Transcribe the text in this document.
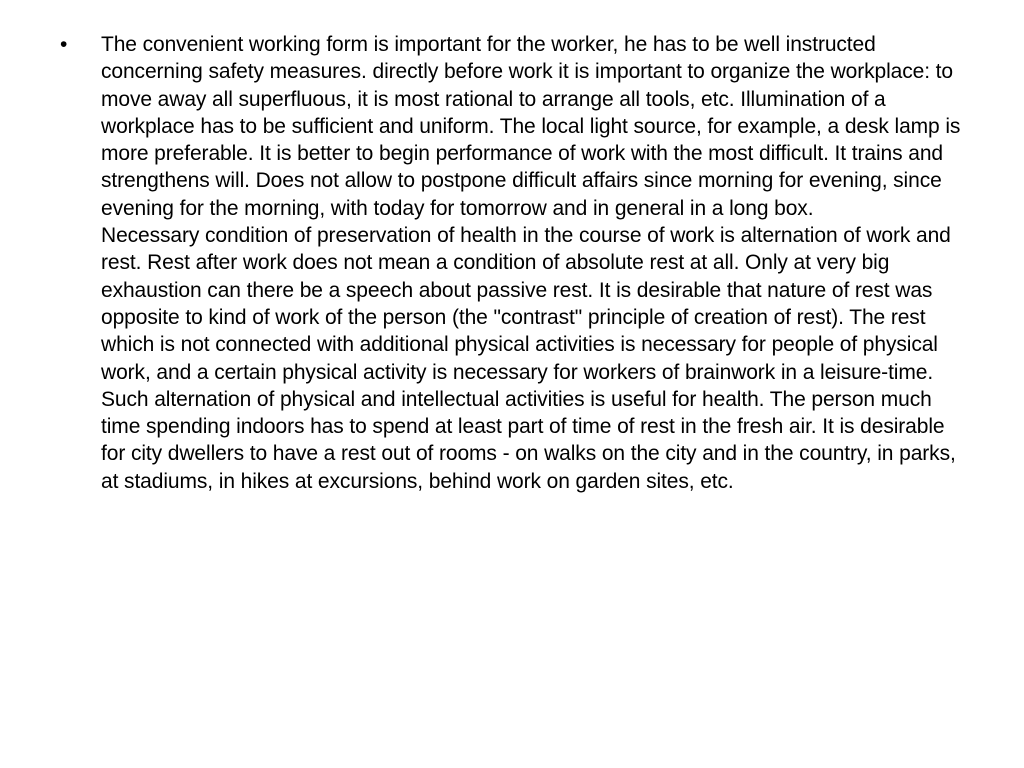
•	The convenient working form is important for the worker, he has to be well instructed concerning safety measures. directly before work it is important to organize the workplace: to move away all superfluous, it is most rational to arrange all tools, etc. Illumination of a workplace has to be sufficient and uniform. The local light source, for example, a desk lamp is more preferable. It is better to begin performance of work with the most difficult. It trains and strengthens will. Does not allow to postpone difficult affairs since morning for evening, since evening for the morning, with today for tomorrow and in general in a long box.
Necessary condition of preservation of health in the course of work is alternation of work and rest. Rest after work does not mean a condition of absolute rest at all. Only at very big exhaustion can there be a speech about passive rest. It is desirable that nature of rest was opposite to kind of work of the person (the "contrast" principle of creation of rest). The rest which is not connected with additional physical activities is necessary for people of physical work, and a certain physical activity is necessary for workers of brainwork in a leisure-time. Such alternation of physical and intellectual activities is useful for health. The person much time spending indoors has to spend at least part of time of rest in the fresh air. It is desirable for city dwellers to have a rest out of rooms - on walks on the city and in the country, in parks, at stadiums, in hikes at excursions, behind work on garden sites, etc.
